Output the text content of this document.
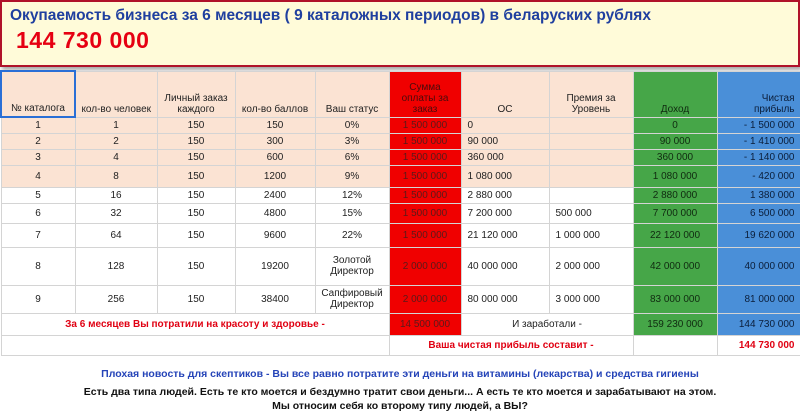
Окупаемость бизнеса за 6 месяцев ( 9 каталожных периодов) в беларуских рублях
144 730 000
№ каталога	кол-во человек	Личный заказ каждого	кол-во баллов	Ваш статус	Сумма оплаты за заказ	ОС	Премия за Уровень	Доход	Чистая прибыль
1	1	150	150	0%	1 500 000	0		0	- 1 500 000
2	2	150	300	3%	1 500 000	90 000		90 000	- 1 410 000
3	4	150	600	6%	1 500 000	360 000		360 000	- 1 140 000
4	8	150	1200	9%	1 500 000	1 080 000		1 080 000	- 420 000
5	16	150	2400	12%	1 500 000	2 880 000		2 880 000	1 380 000
6	32	150	4800	15%	1 500 000	7 200 000	500 000	7 700 000	6 500 000
7	64	150	9600	22%	1 500 000	21 120 000	1 000 000	22 120 000	19 620 000
8	128	150	19200	Золотой Директор	2 000 000	40 000 000	2 000 000	42 000 000	40 000 000
9	256	150	38400	Сапфировый Директор	2 000 000	80 000 000	3 000 000	83 000 000	81 000 000
За 6 месяцев Вы потратили на красоту и здоровье -					14 500 000	И заработали -		159 230 000	144 730 000
					Ваша чистая прибыль составит -				144 730 000
Плохая новость для скептиков - Вы все равно потратите эти деньги на витамины (лекарства) и средства гигиены
Есть два типа людей. Есть те кто моется и бездумно тратит свои деньги... А есть те кто моется и зарабатывают на этом.
Мы относим себя ко второму типу людей, а ВЫ?
